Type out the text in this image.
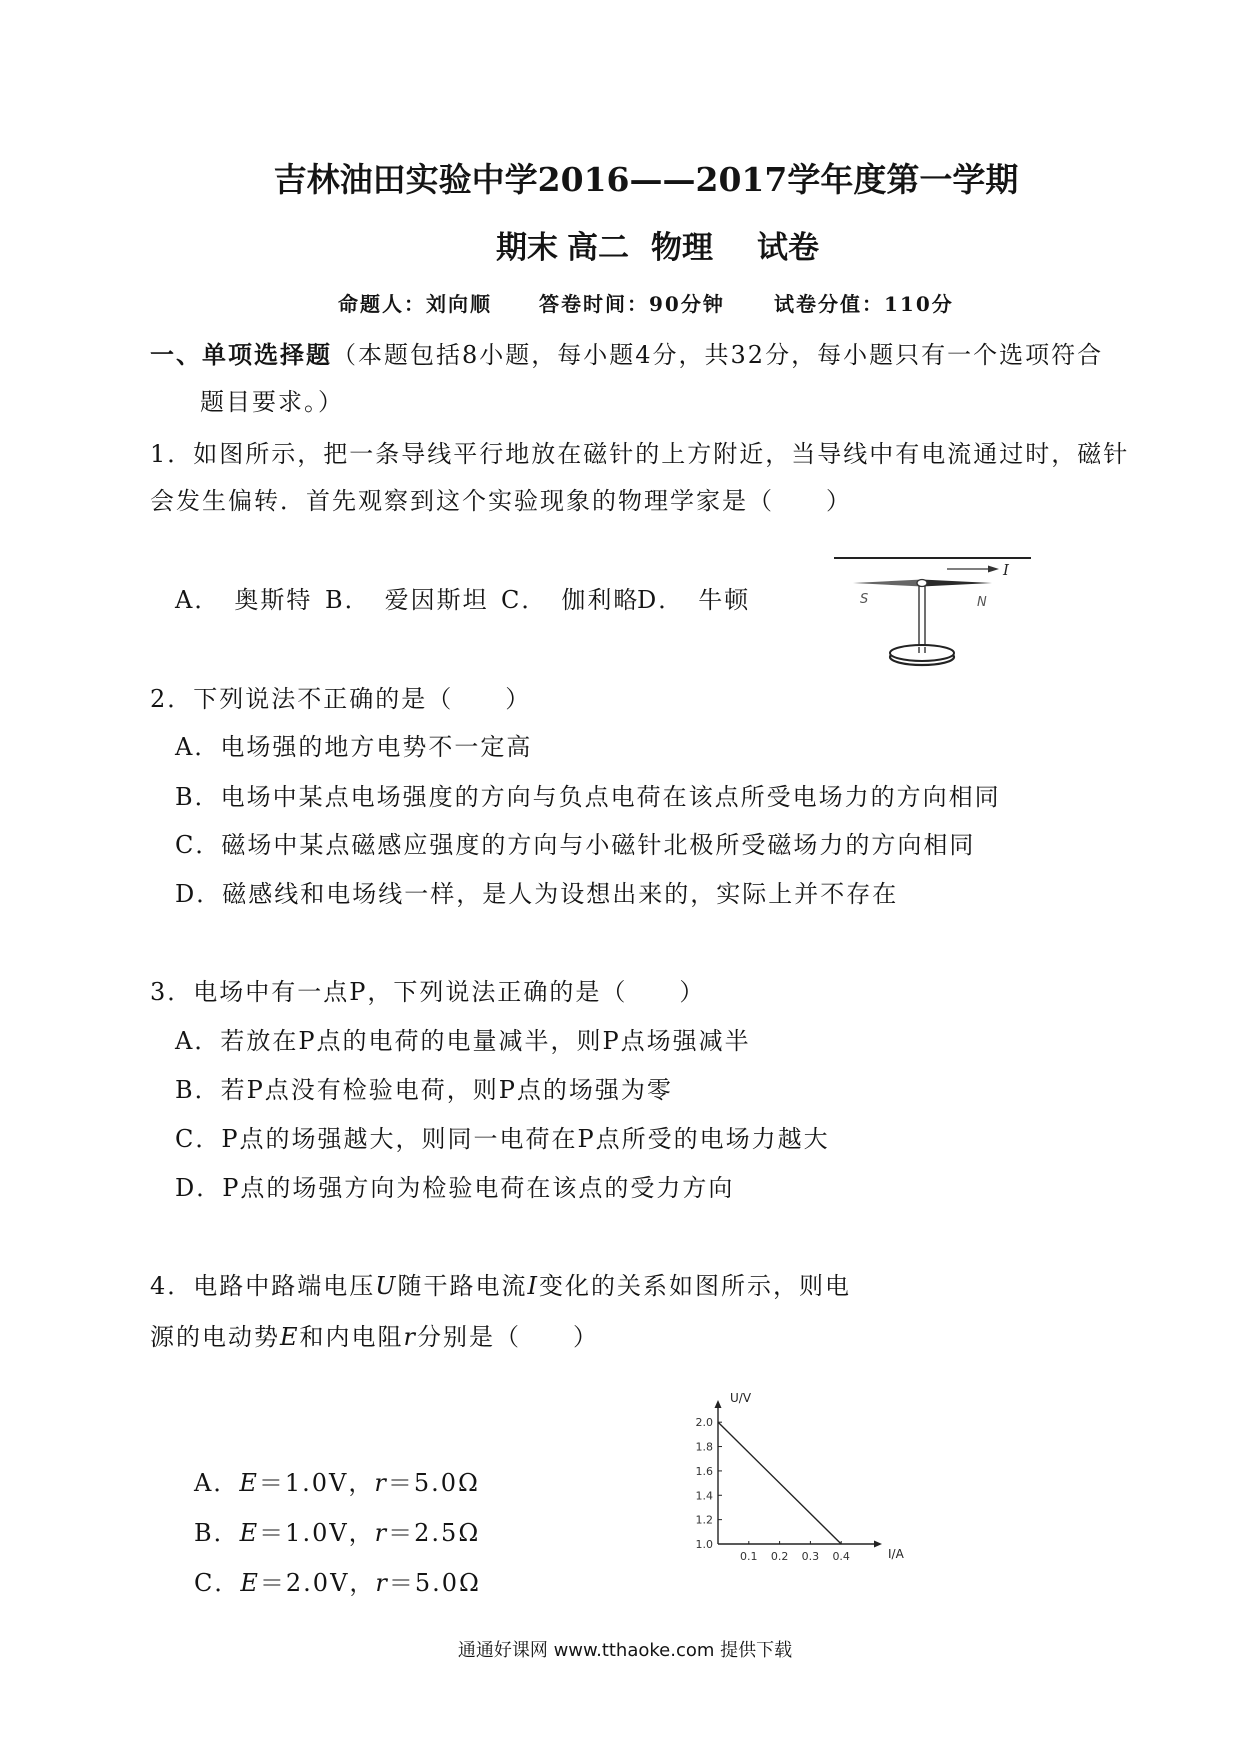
吉林油田实验中学2016——2017学年度第一学期
期末 高二 物理 试卷
命题人：刘向顺 答卷时间：90分钟 试卷分值：110分
一、单项选择题（本题包括8小题，每小题4分，共32分，每小题只有一个选项符合
题目要求。）
1．如图所示，把一条导线平行地放在磁针的上方附近，当导线中有电流通过时，磁针
会发生偏转．首先观察到这个实验现象的物理学家是（　　）
A． 奥斯特 B． 爱因斯坦 C． 伽利略
D． 牛顿
I
S	N
2．下列说法不正确的是（　　）
A．电场强的地方电势不一定高
B．电场中某点电场强度的方向与负点电荷在该点所受电场力的方向相同
C．磁场中某点磁感应强度的方向与小磁针北极所受磁场力的方向相同
D．磁感线和电场线一样，是人为设想出来的，实际上并不存在
3．电场中有一点P，下列说法正确的是（　　）
A．若放在P点的电荷的电量减半，则P点场强减半
B．若P点没有检验电荷，则P点的场强为零
C．P点的场强越大，则同一电荷在P点所受的电场力越大
D．P点的场强方向为检验电荷在该点的受力方向
4．电路中路端电压U随干路电流I变化的关系如图所示，则电
源的电动势E和内电阻r分别是（　　）
A．E＝1.0V，r＝5.0Ω
B．E＝1.0V，r＝2.5Ω
C．E＝2.0V，r＝5.0Ω
1.0
1.2
1.4
1.6
1.8
2.0
0.1 0.2 0.3 0.4
U/V
I/A
通通好课网 www.tthaoke.com 提供下载
